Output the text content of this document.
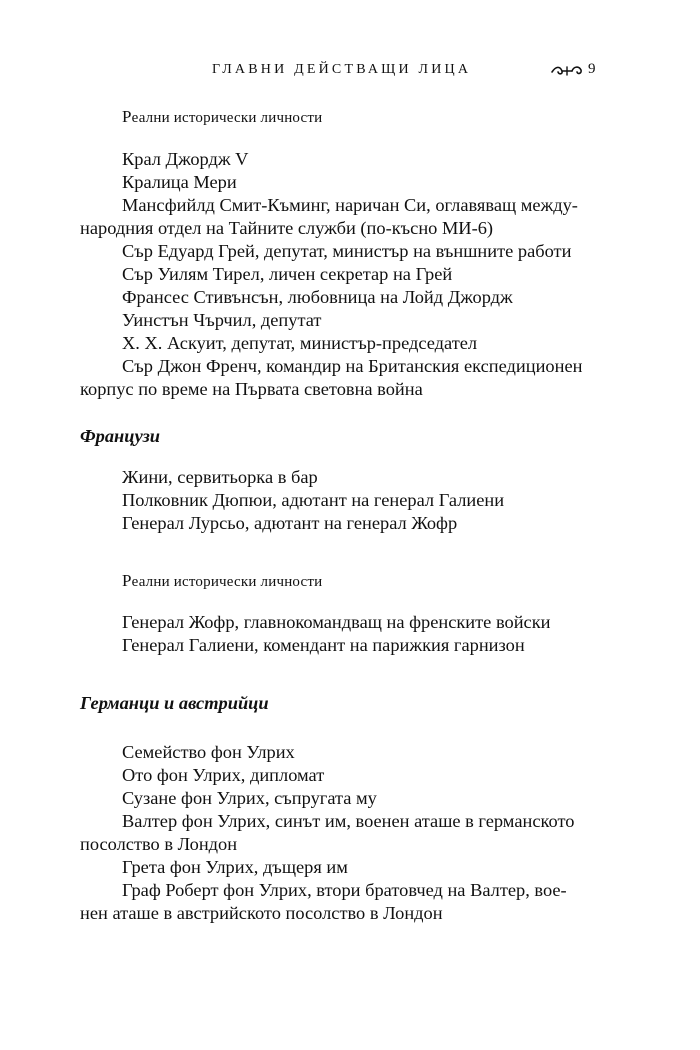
ГЛАВНИ ДЕЙСТВАЩИ ЛИЦА	9
Реални исторически личности
Крал Джордж V
Кралица Мери
Мансфийлд Смит-Къминг, наричан Си, оглавяващ между-
народния отдел на Тайните служби (по-късно МИ-6)
Сър Едуард Грей, депутат, министър на външните работи
Сър Уилям Тирел, личен секретар на Грей
Франсес Стивънсън, любовница на Лойд Джордж
Уинстън Чърчил, депутат
Х. Х. Аскуит, депутат, министър-председател
Сър Джон Френч, командир на Британския експедиционен
корпус по време на Първата световна война
Французи
Жини, сервитьорка в бар
Полковник Дюпюи, адютант на генерал Галиени
Генерал Лурсьо, адютант на генерал Жофр
Реални исторически личности
Генерал Жофр, главнокомандващ на френските войски
Генерал Галиени, комендант на парижкия гарнизон
Германци и австрийци
Семейство фон Улрих
Ото фон Улрих, дипломат
Сузане фон Улрих, съпругата му
Валтер фон Улрих, синът им, военен аташе в германското
посолство в Лондон
Грета фон Улрих, дъщеря им
Граф Роберт фон Улрих, втори братовчед на Валтер, вое-
нен аташе в австрийското посолство в Лондон
